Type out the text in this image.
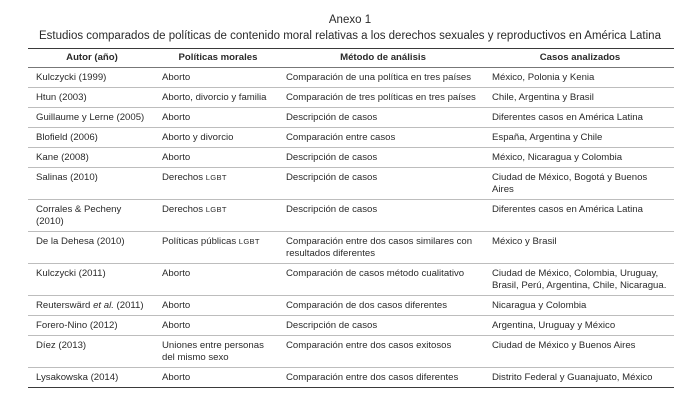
Anexo 1
Estudios comparados de políticas de contenido moral relativas a los derechos sexuales y reproductivos en América Latina
Autor (año)	Políticas morales	Método de análisis	Casos analizados
Kulczycki (1999)	Aborto	Comparación de una política en tres países	México, Polonia y Kenia
Htun (2003)	Aborto, divorcio y familia	Comparación de tres políticas en tres países	Chile, Argentina y Brasil
Guillaume y Lerne (2005)	Aborto	Descripción de casos	Diferentes casos en América Latina
Blofield (2006)	Aborto y divorcio	Comparación entre casos	España, Argentina y Chile
Kane (2008)	Aborto	Descripción de casos	México, Nicaragua y Colombia
Salinas (2010)	Derechos LGBT	Descripción de casos	Ciudad de México, Bogotá y Buenos Aires
Corrales & Pecheny (2010)	Derechos LGBT	Descripción de casos	Diferentes casos en América Latina
De la Dehesa (2010)	Políticas públicas LGBT	Comparación entre dos casos similares con resultados diferentes	México y Brasil
Kulczycki (2011)	Aborto	Comparación de casos método cualitativo	Ciudad de México, Colombia, Uruguay, Brasil, Perú, Argentina, Chile, Nicaragua.
Reuterswärd et al. (2011)	Aborto	Comparación de dos casos diferentes	Nicaragua y Colombia
Forero-Nino (2012)	Aborto	Descripción de casos	Argentina, Uruguay y México
Díez (2013)	Uniones entre personas del mismo sexo	Comparación entre dos casos exitosos	Ciudad de México y Buenos Aires
Lysakowska (2014)	Aborto	Comparación entre dos casos diferentes	Distrito Federal y Guanajuato, México
